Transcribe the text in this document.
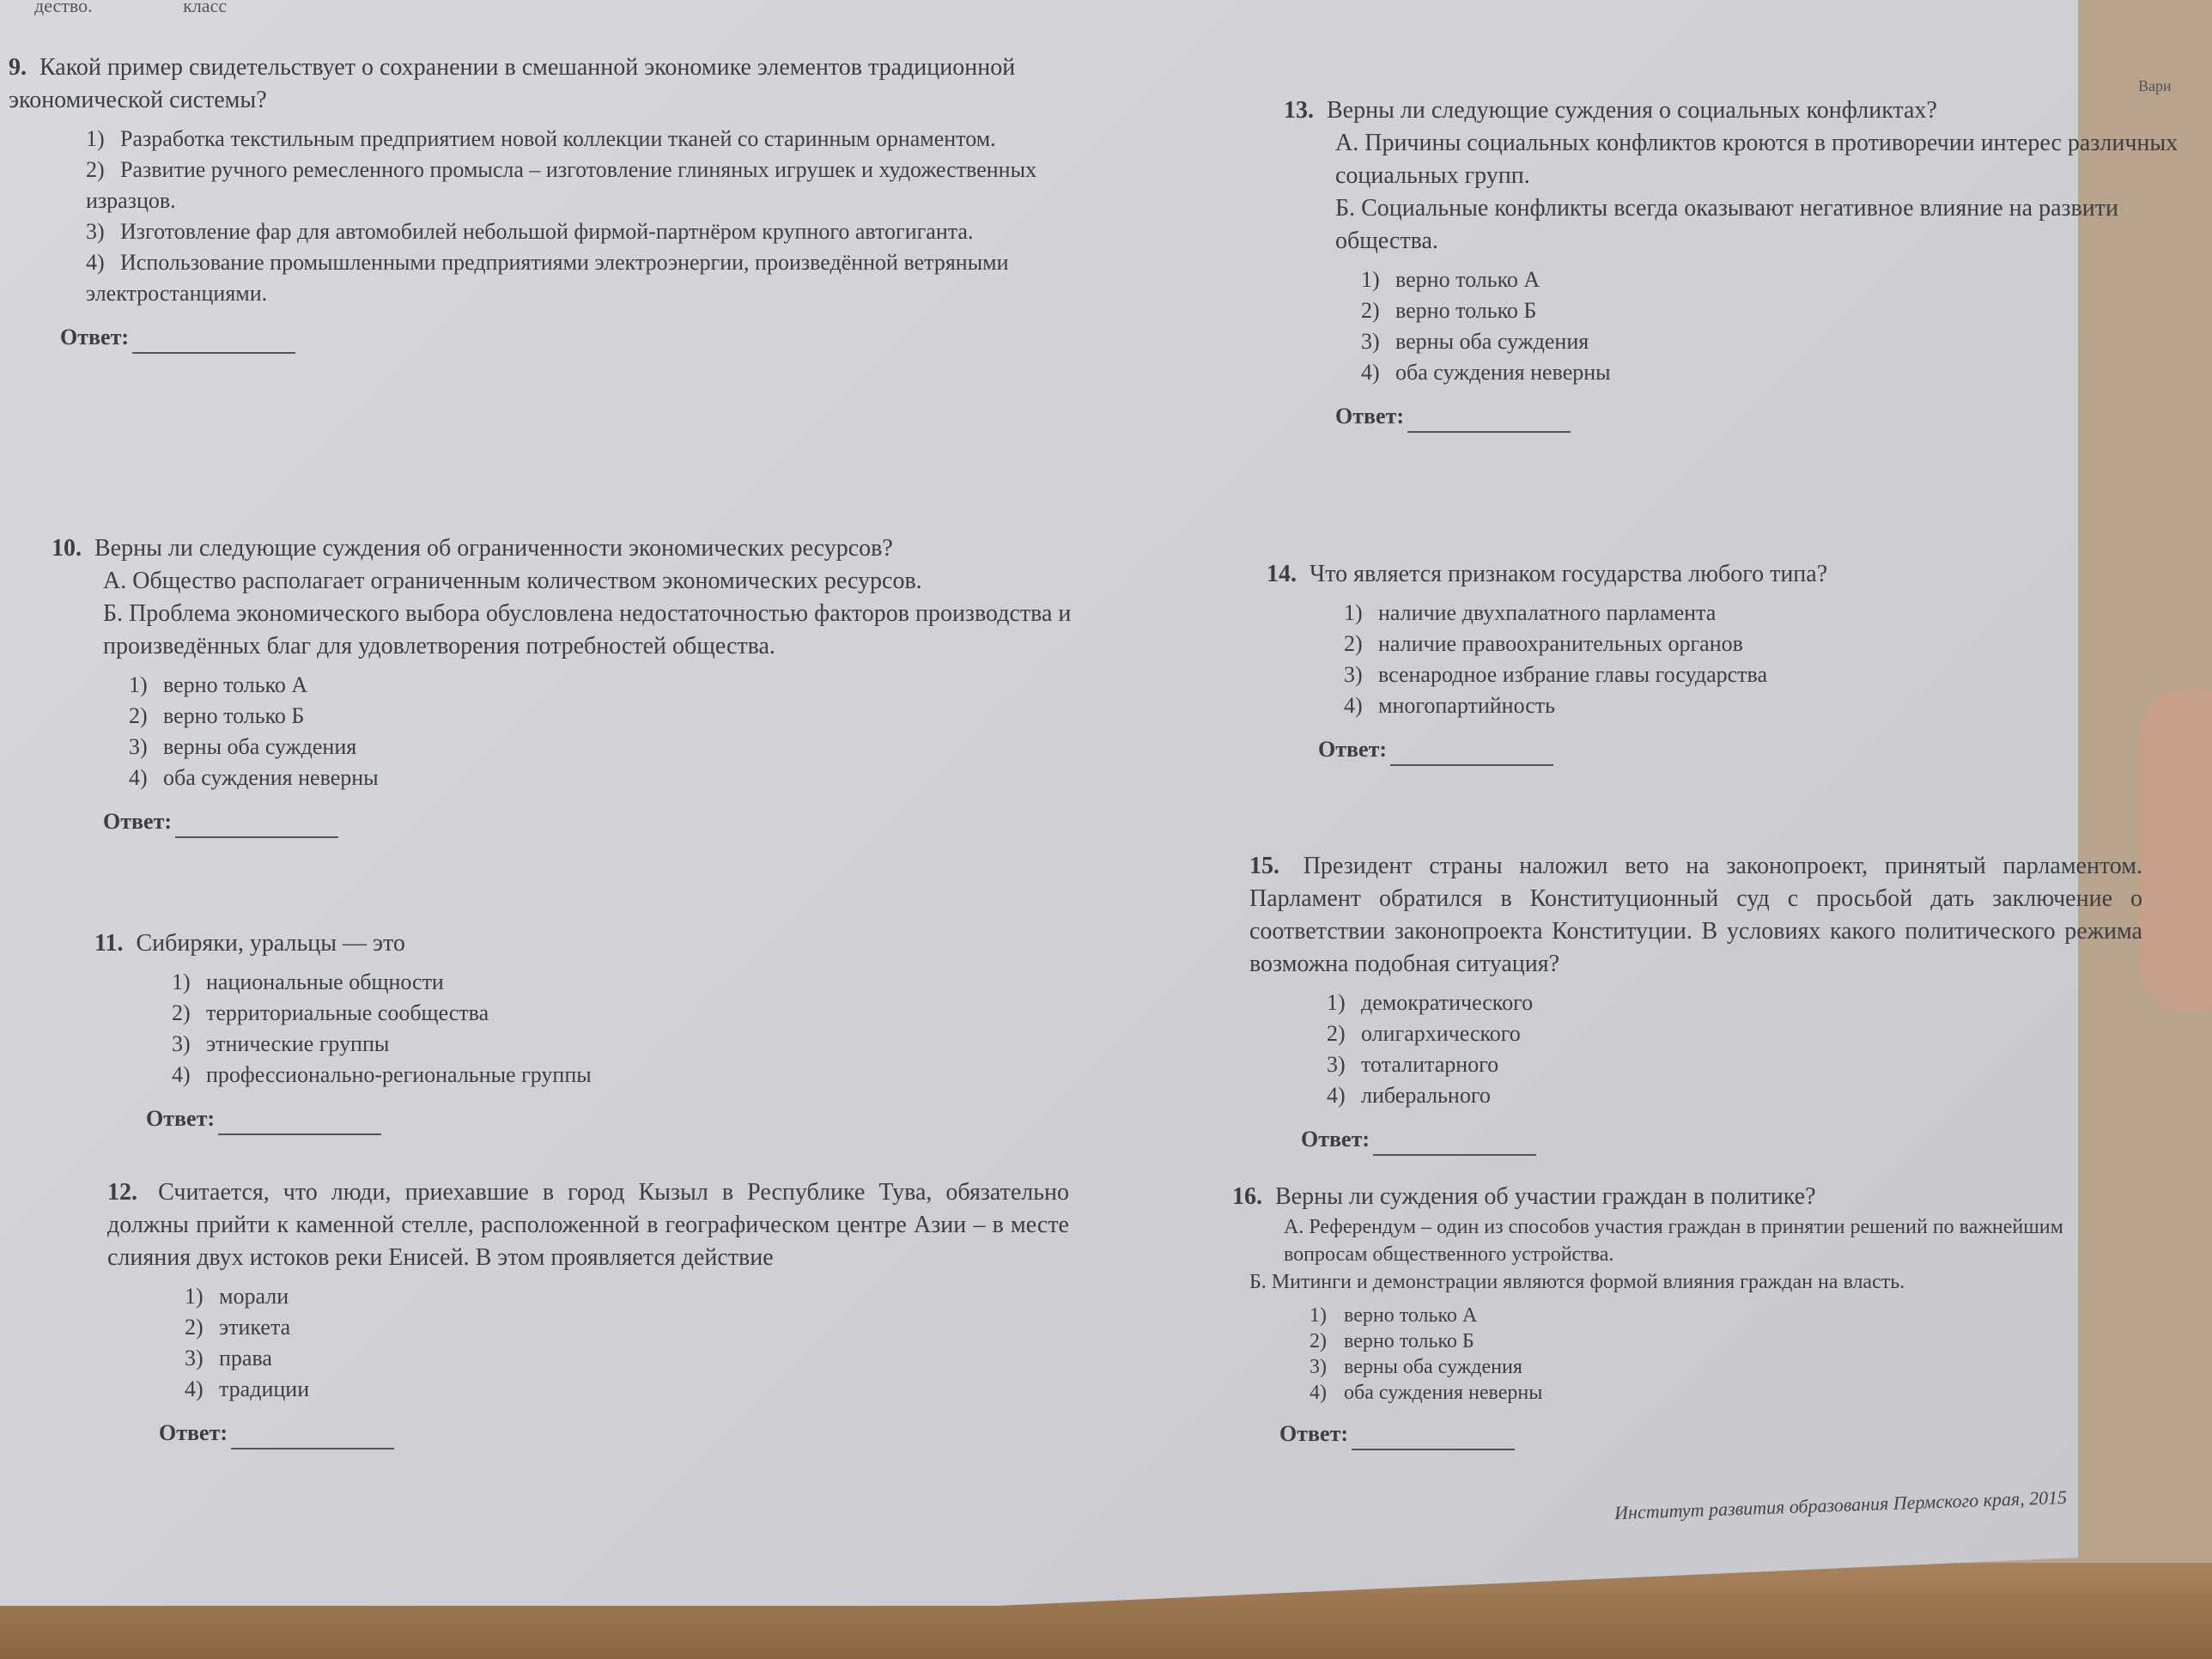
дество.	класс
Вари

9. Какой пример свидетельствует о сохранении в смешанной экономике элементов традиционной экономической системы?

1) Разработка текстильным предприятием новой коллекции тканей со старинным орнаментом.
2) Развитие ручного ремесленного промысла – изготовление глиняных игрушек и художественных изразцов.
3) Изготовление фар для автомобилей небольшой фирмой-партнёром крупного автогиганта.
4) Использование промышленными предприятиями электроэнергии, произведённой ветряными электростанциями.
Ответ:

10. Верны ли следующие суждения об ограниченности экономических ресурсов?

А. Общество располагает ограниченным количеством экономических ресурсов.
Б. Проблема экономического выбора обусловлена недостаточностью факторов производства и произведённых благ для удовлетворения потребностей общества.
1) верно только А
2) верно только Б
3) верны оба суждения
4) оба суждения неверны
Ответ:

11. Сибиряки, уральцы — это

1) национальные общности
2) территориальные сообщества
3) этнические группы
4) профессионально-региональные группы
Ответ:

12. Считается, что люди, приехавшие в город Кызыл в Республике Тува, обязательно должны прийти к каменной стелле, расположенной в географическом центре Азии – в месте слияния двух истоков реки Енисей. В этом проявляется действие

1) морали
2) этикета
3) права
4) традиции
Ответ:

13. Верны ли следующие суждения о социальных конфликтах?

А. Причины социальных конфликтов кроются в противоречии интерес различных социальных групп.
Б. Социальные конфликты всегда оказывают негативное влияние на развити общества.
1) верно только А
2) верно только Б
3) верны оба суждения
4) оба суждения неверны
Ответ:

14. Что является признаком государства любого типа?

1) наличие двухпалатного парламента
2) наличие правоохранительных органов
3) всенародное избрание главы государства
4) многопартийность
Ответ:

15. Президент страны наложил вето на законопроект, принятый парламентом. Парламент обратился в Конституционный суд с просьбой дать заключение о соответствии законопроекта Конституции. В условиях какого политического режима возможна подобная ситуация?

1) демократического
2) олигархического
3) тоталитарного
4) либерального
Ответ:

16. Верны ли суждения об участии граждан в политике?

А. Референдум – один из способов участия граждан в принятии решений по важнейшим вопросам общественного устройства.
Б. Митинги и демонстрации являются формой влияния граждан на власть.
1) верно только А
2) верно только Б
3) верны оба суждения
4) оба суждения неверны
Ответ:
Институт развития образования Пермского края, 2015
